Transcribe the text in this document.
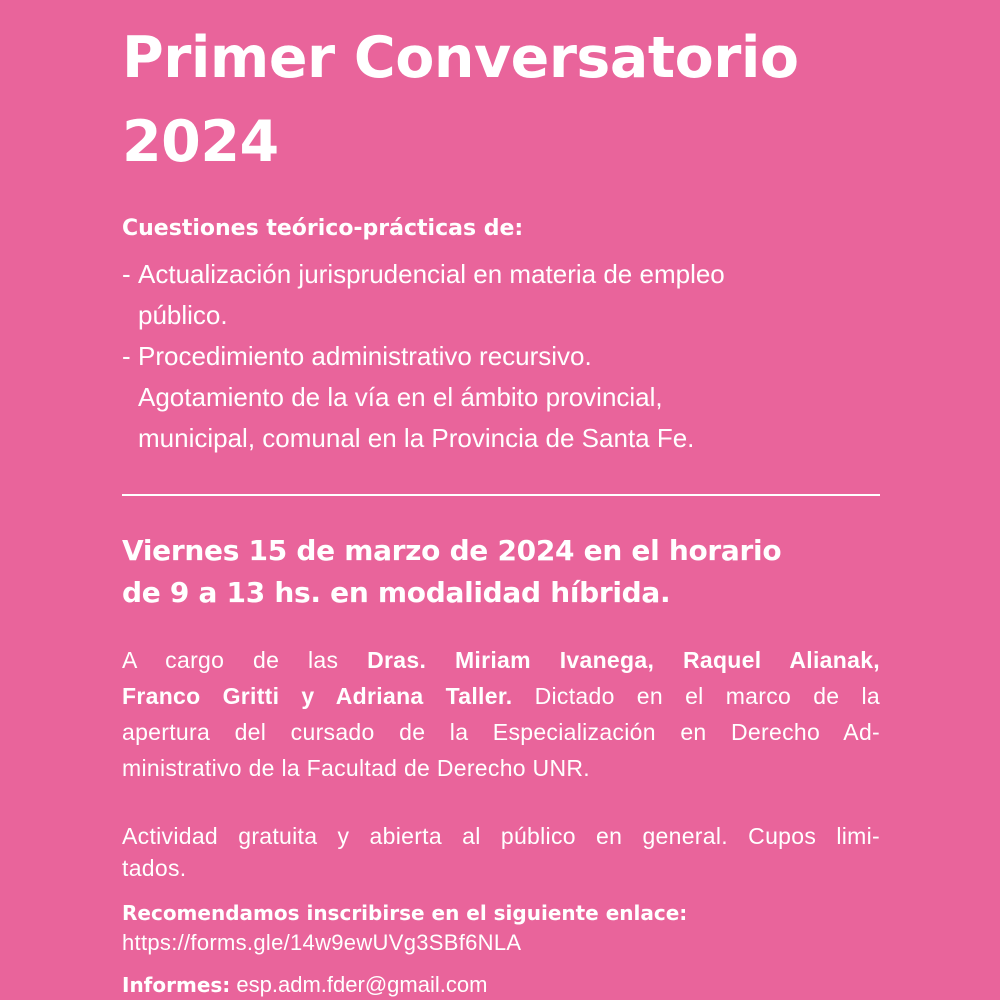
Primer Conversatorio
2024
Cuestiones teórico-prácticas de:
- Actualización jurisprudencial en materia de empleo
público.
- Procedimiento administrativo recursivo.
Agotamiento de la vía en el ámbito provincial,
municipal, comunal en la Provincia de Santa Fe.
Viernes 15 de marzo de 2024 en el horario
de 9 a 13 hs. en modalidad híbrida.
A cargo de las Dras. Miriam Ivanega, Raquel Alianak,
Franco Gritti y Adriana Taller. Dictado en el marco de la
apertura del cursado de la Especialización en Derecho Ad-
ministrativo de la Facultad de Derecho UNR.
Actividad gratuita y abierta al público en general. Cupos limi-
tados.
Recomendamos inscribirse en el siguiente enlace:
https://forms.gle/14w9ewUVg3SBf6NLA
Informes: esp.adm.fder@gmail.com
